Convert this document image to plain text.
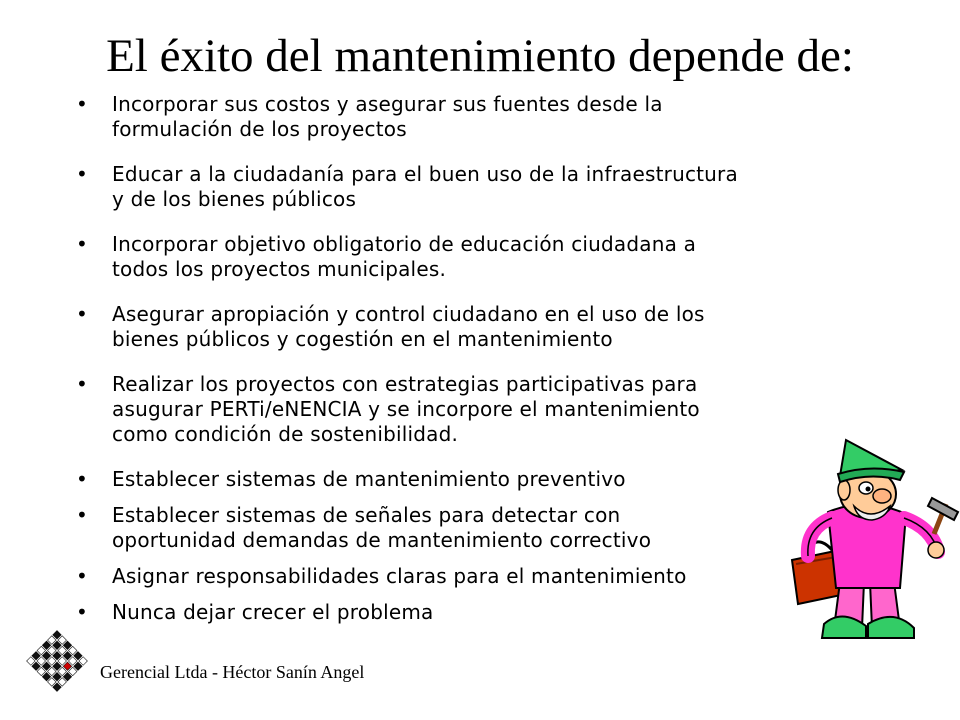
El éxito del mantenimiento depende de:
•	Incorporar sus costos y asegurar sus fuentes desde la
formulación de los proyectos
•	Educar a la ciudadanía para el buen uso de la infraestructura
y de los bienes públicos
•	Incorporar objetivo obligatorio de educación ciudadana a
todos los proyectos municipales.
•	Asegurar apropiación y control ciudadano en el uso de los
bienes públicos y cogestión en el mantenimiento
•	Realizar los proyectos con estrategias participativas para
asugurar PERTi/eNENCIA y se incorpore el mantenimiento
como condición de sostenibilidad.
•	Establecer sistemas de mantenimiento preventivo
•	Establecer sistemas de señales para detectar con
oportunidad demandas de mantenimiento correctivo
•	Asignar responsabilidades claras para el mantenimiento
•	Nunca dejar crecer el problema
Gerencial Ltda - Héctor Sanín Angel
